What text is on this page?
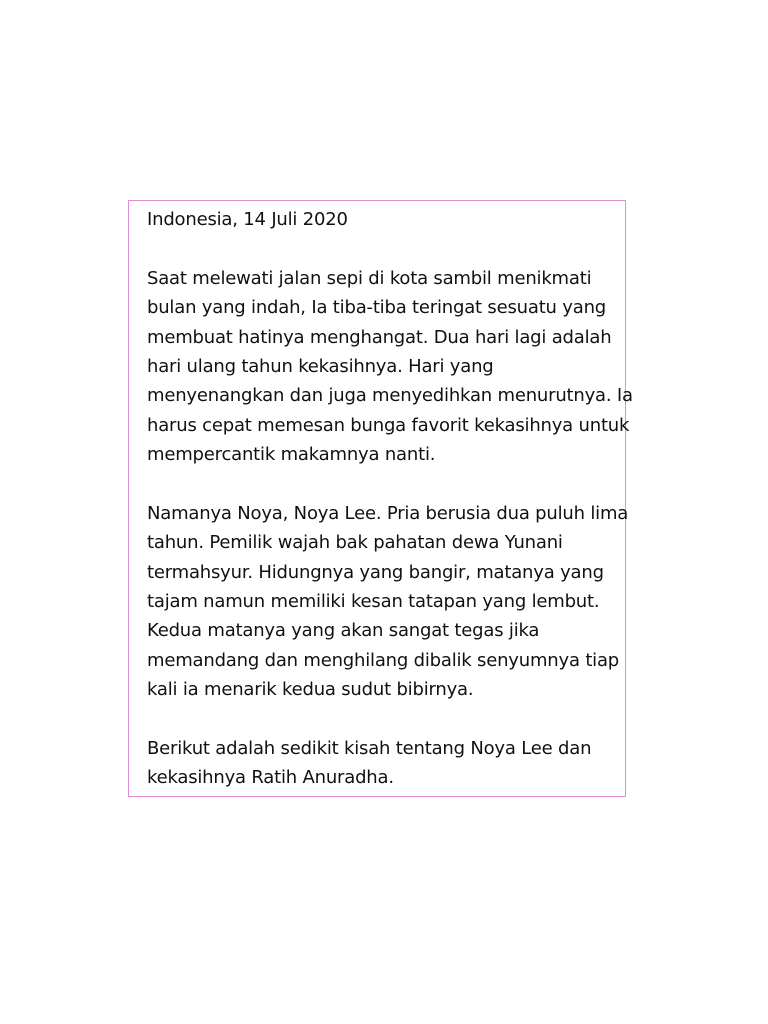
Indonesia, 14 Juli 2020
Saat melewati jalan sepi di kota sambil menikmati
bulan yang indah, Ia tiba-tiba teringat sesuatu yang
membuat hatinya menghangat. Dua hari lagi adalah
hari ulang tahun kekasihnya. Hari yang
menyenangkan dan juga menyedihkan menurutnya. Ia
harus cepat memesan bunga favorit kekasihnya untuk
mempercantik makamnya nanti.
Namanya Noya, Noya Lee. Pria berusia dua puluh lima
tahun. Pemilik wajah bak pahatan dewa Yunani
termahsyur. Hidungnya yang bangir, matanya yang
tajam namun memiliki kesan tatapan yang lembut.
Kedua matanya yang akan sangat tegas jika
memandang dan menghilang dibalik senyumnya tiap
kali ia menarik kedua sudut bibirnya.
Berikut adalah sedikit kisah tentang Noya Lee dan
kekasihnya Ratih Anuradha.
